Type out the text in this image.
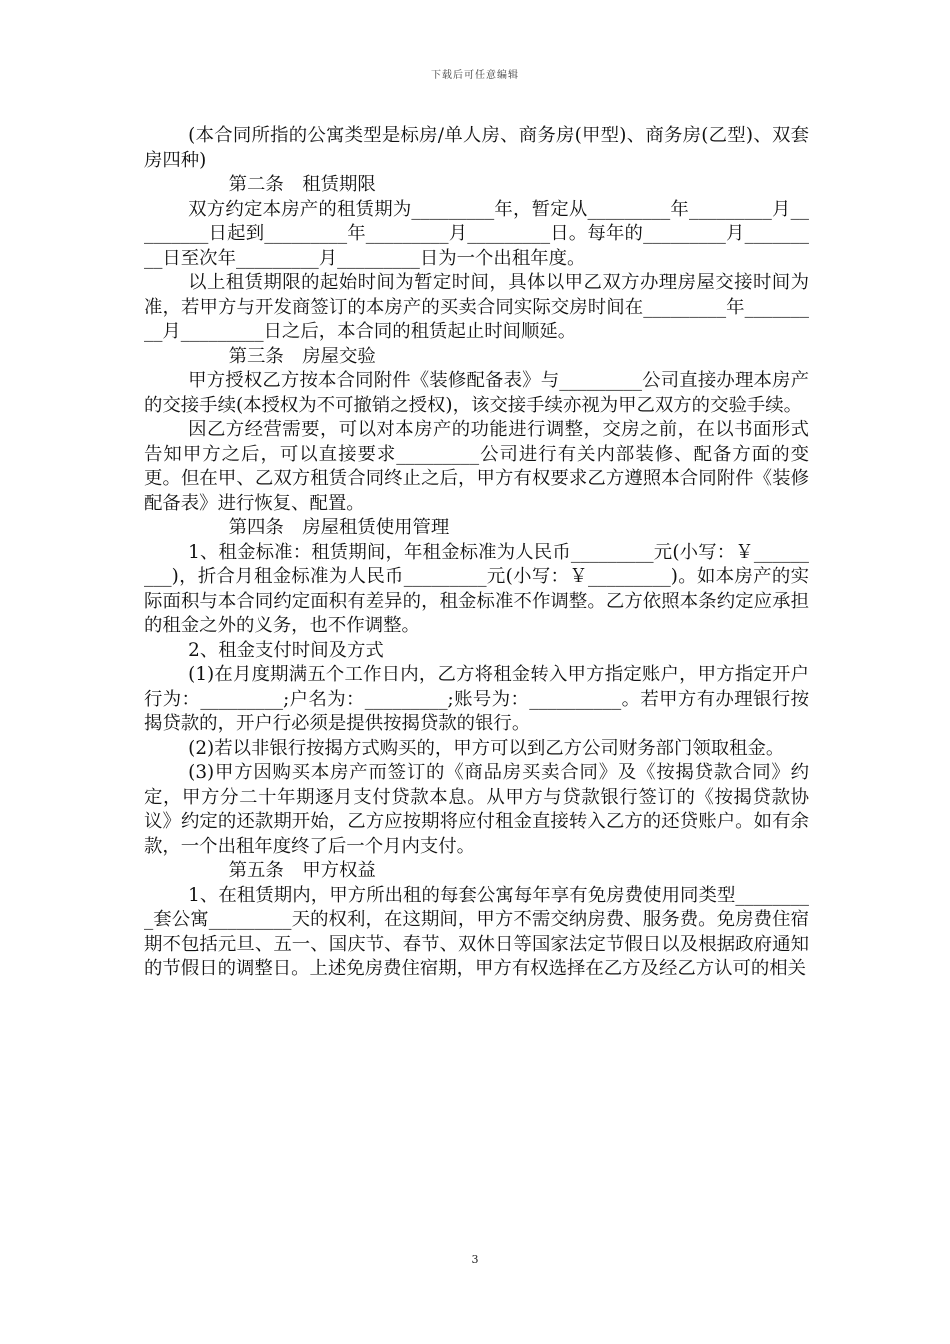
下载后可任意编辑

(本合同所指的公寓类型是标房/单人房、商务房(甲型)、商务房(乙型)、双套房四种)

第二条　租赁期限

双方约定本房产的租赁期为_________年，暂定从_________年_________月_________日起到_________年_________月_________日。每年的_________月_________日至次年_________月_________日为一个出租年度。

以上租赁期限的起始时间为暂定时间，具体以甲乙双方办理房屋交接时间为准，若甲方与开发商签订的本房产的买卖合同实际交房时间在_________年_________月_________日之后，本合同的租赁起止时间顺延。

第三条　房屋交验

甲方授权乙方按本合同附件《装修配备表》与_________公司直接办理本房产的交接手续(本授权为不可撤销之授权)，该交接手续亦视为甲乙双方的交验手续。

因乙方经营需要，可以对本房产的功能进行调整，交房之前，在以书面形式告知甲方之后，可以直接要求_________公司进行有关内部装修、配备方面的变更。但在甲、乙双方租赁合同终止之后，甲方有权要求乙方遵照本合同附件《装修配备表》进行恢复、配置。

第四条　房屋租赁使用管理

1、租金标准：租赁期间，年租金标准为人民币_________元(小写：￥_________)，折合月租金标准为人民币_________元(小写：￥_________)。如本房产的实际面积与本合同约定面积有差异的，租金标准不作调整。乙方依照本条约定应承担的租金之外的义务，也不作调整。

2、租金支付时间及方式

(1)在月度期满五个工作日内，乙方将租金转入甲方指定账户，甲方指定开户行为：_________;户名为：_________;账号为：__________。若甲方有办理银行按揭贷款的，开户行必须是提供按揭贷款的银行。

(2)若以非银行按揭方式购买的，甲方可以到乙方公司财务部门领取租金。

(3)甲方因购买本房产而签订的《商品房买卖合同》及《按揭贷款合同》约定，甲方分二十年期逐月支付贷款本息。从甲方与贷款银行签订的《按揭贷款协议》约定的还款期开始，乙方应按期将应付租金直接转入乙方的还贷账户。如有余款，一个出租年度终了后一个月内支付。

第五条　甲方权益

1、在租赁期内，甲方所出租的每套公寓每年享有免房费使用同类型_________套公寓_________天的权利，在这期间，甲方不需交纳房费、服务费。免房费住宿期不包括元旦、五一、国庆节、春节、双休日等国家法定节假日以及根据政府通知的节假日的调整日。上述免房费住宿期，甲方有权选择在乙方及经乙方认可的相关

3
